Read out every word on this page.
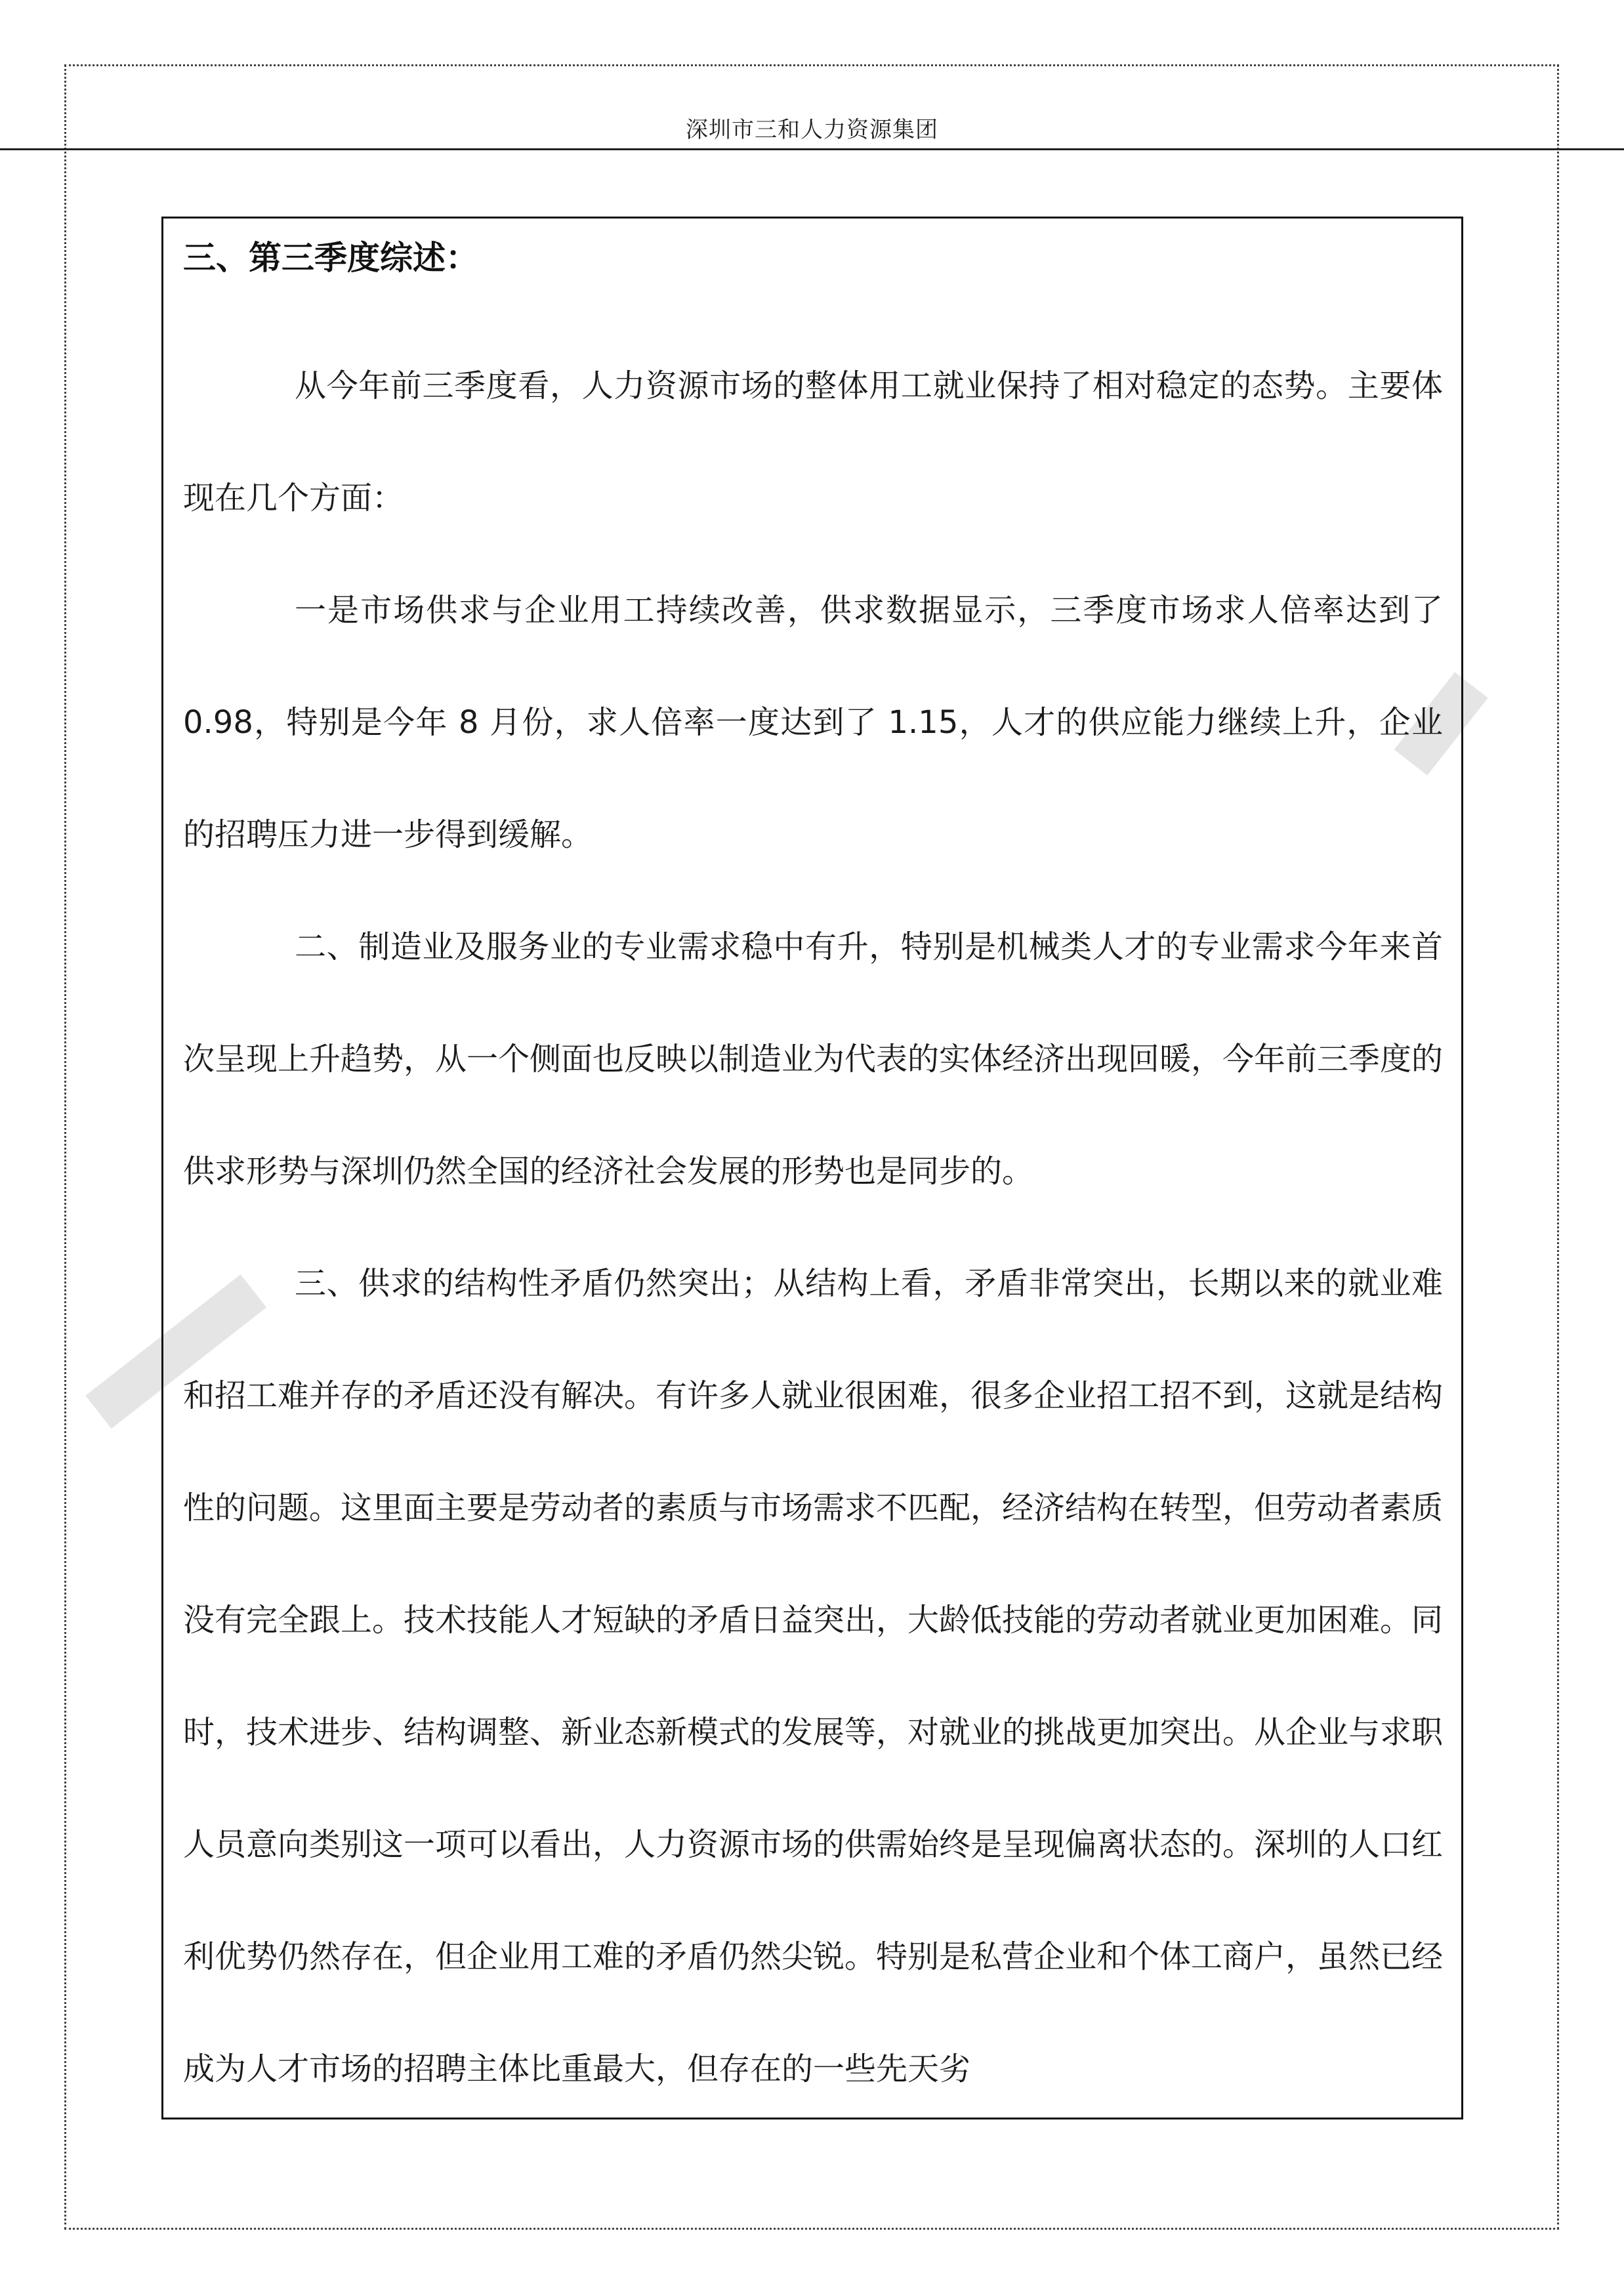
深圳市三和人力资源集团
三、第三季度综述：

从今年前三季度看，人力资源市场的整体用工就业保持了相对稳定的态势。主要体现在几个方面：

一是市场供求与企业用工持续改善，供求数据显示，三季度市场求人倍率达到了0.98，特别是今年 8 月份，求人倍率一度达到了 1.15，人才的供应能力继续上升，企业的招聘压力进一步得到缓解。

二、制造业及服务业的专业需求稳中有升，特别是机械类人才的专业需求今年来首次呈现上升趋势，从一个侧面也反映以制造业为代表的实体经济出现回暖，今年前三季度的供求形势与深圳仍然全国的经济社会发展的形势也是同步的。

三、供求的结构性矛盾仍然突出；从结构上看，矛盾非常突出，长期以来的就业难和招工难并存的矛盾还没有解决。有许多人就业很困难，很多企业招工招不到，这就是结构性的问题。这里面主要是劳动者的素质与市场需求不匹配，经济结构在转型，但劳动者素质没有完全跟上。技术技能人才短缺的矛盾日益突出，大龄低技能的劳动者就业更加困难。同时，技术进步、结构调整、新业态新模式的发展等，对就业的挑战更加突出。从企业与求职人员意向类别这一项可以看出，人力资源市场的供需始终是呈现偏离状态的。深圳的人口红利优势仍然存在，但企业用工难的矛盾仍然尖锐。特别是私营企业和个体工商户，虽然已经成为人才市场的招聘主体比重最大，但存在的一些先天劣
